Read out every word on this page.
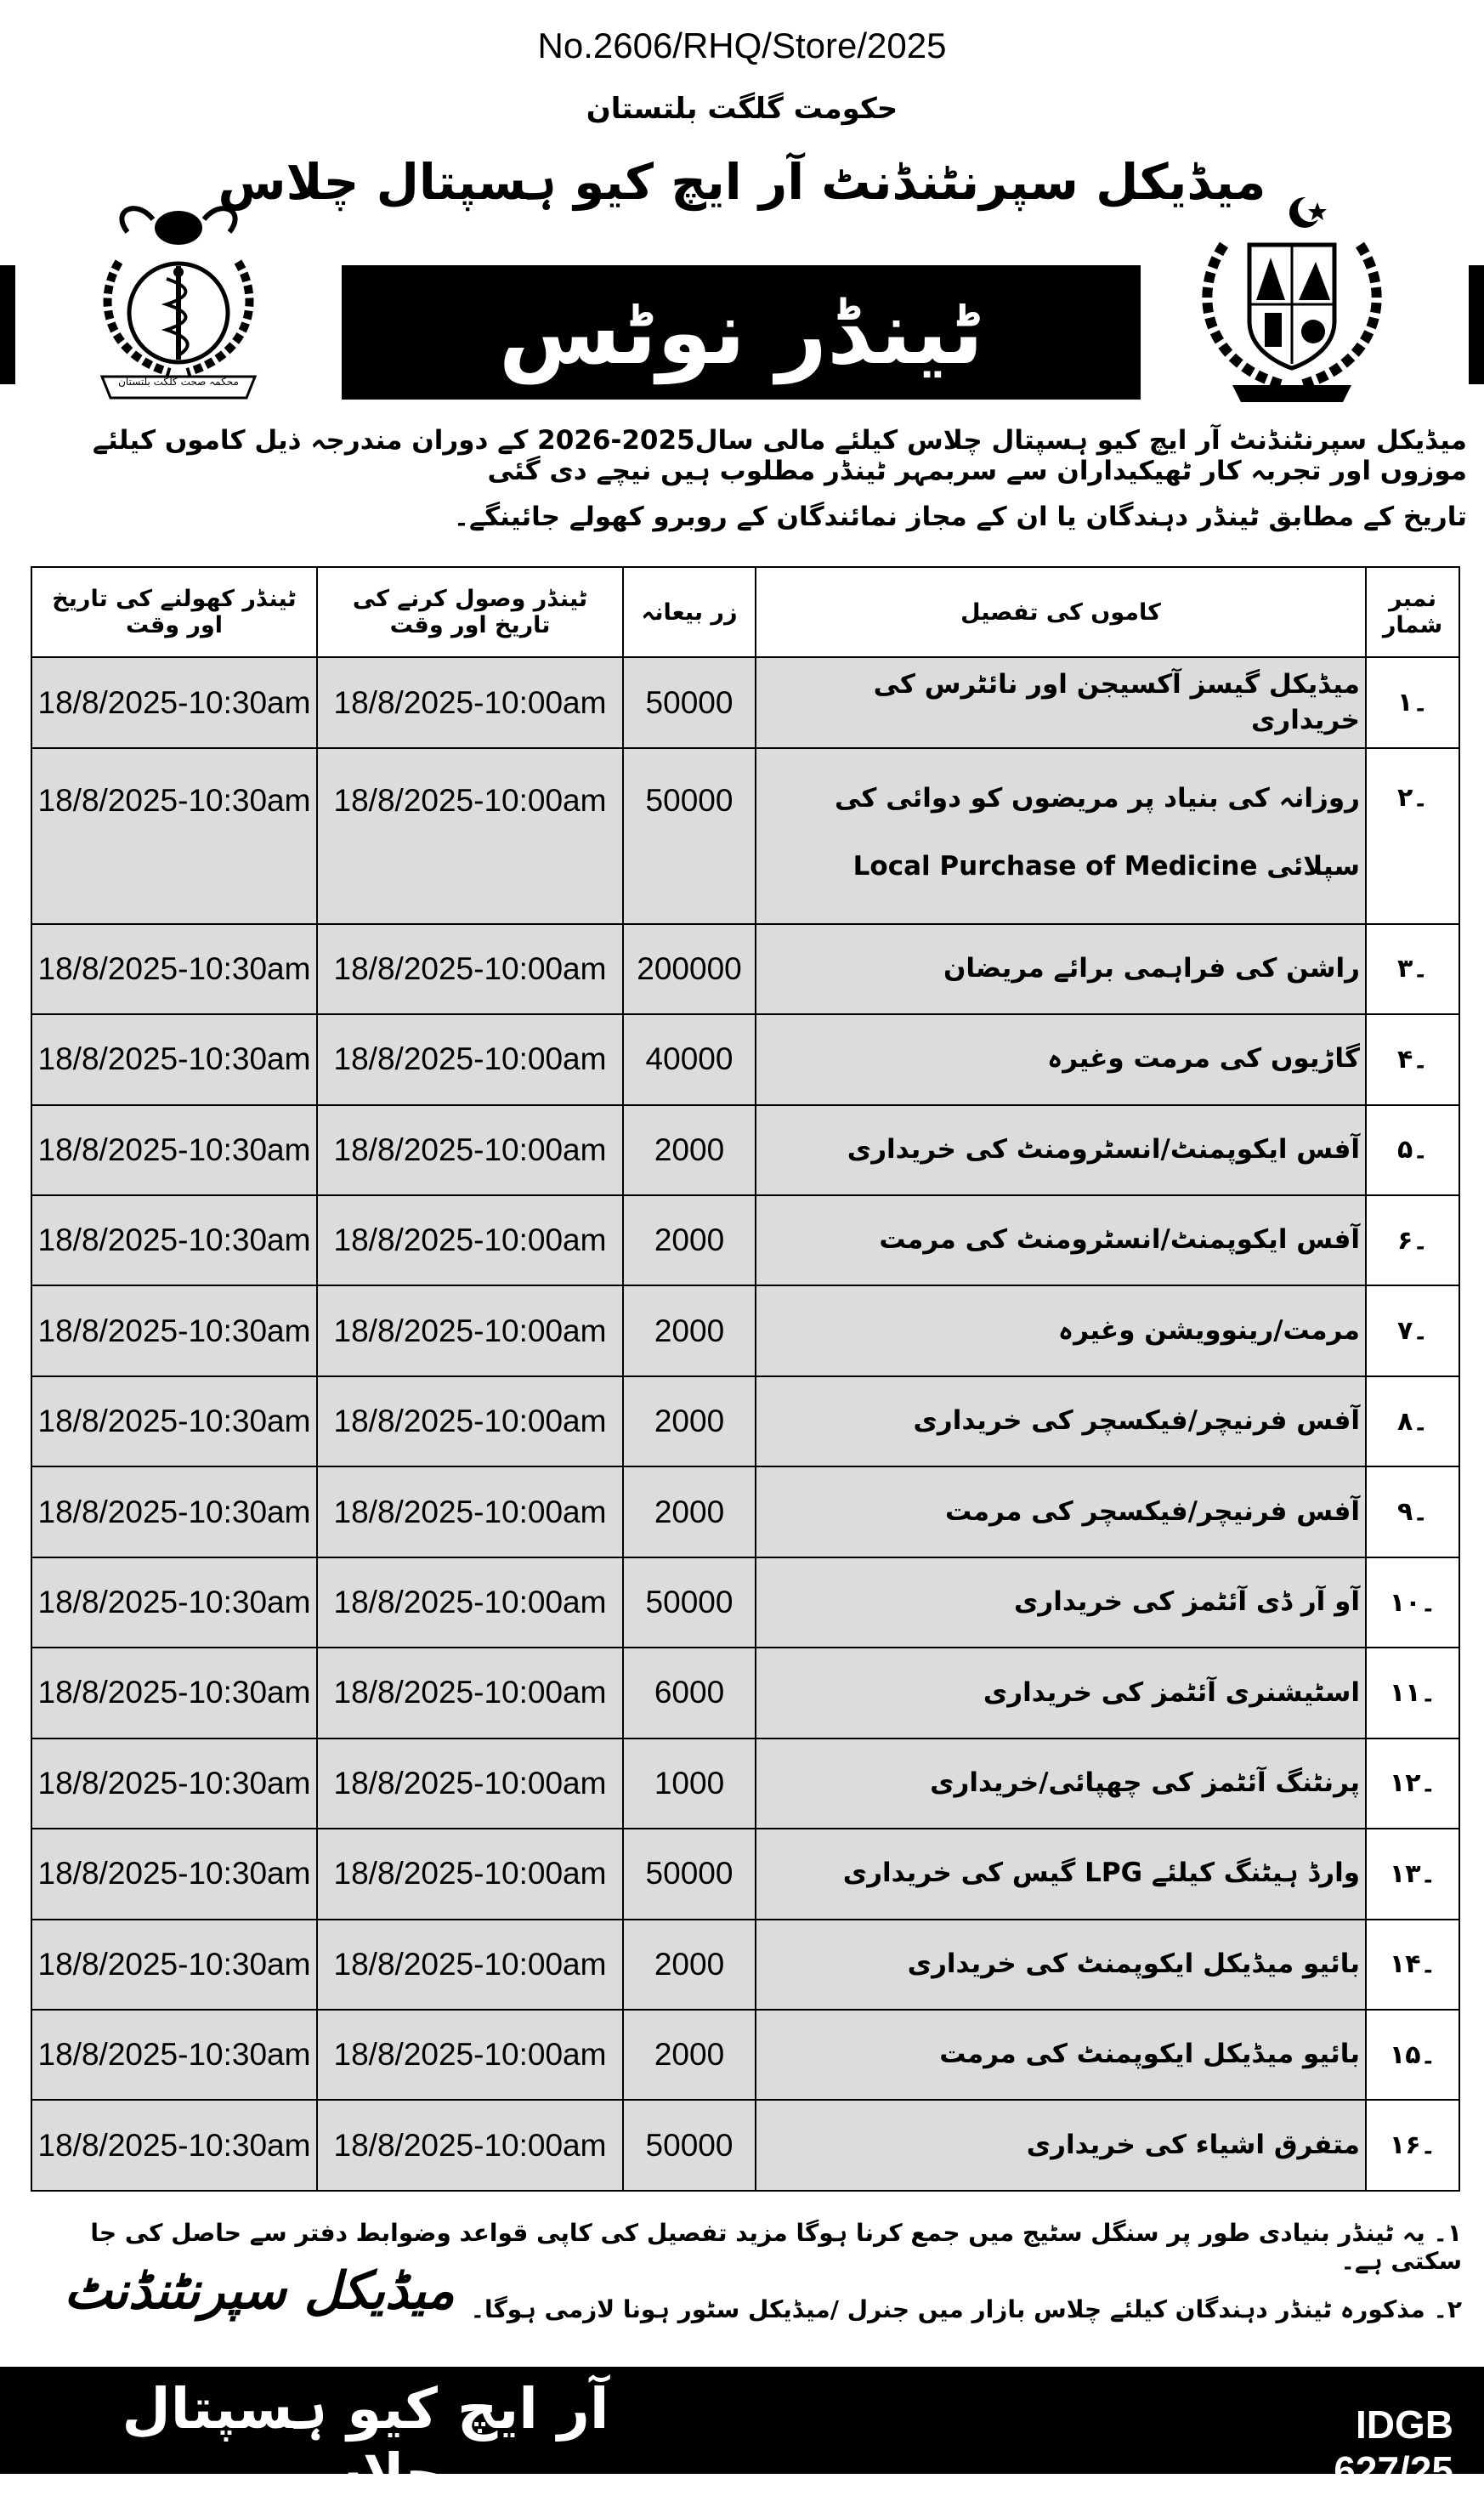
No.2606/RHQ/Store/2025
حکومت گلگت بلتستان
میڈیکل سپرنٹنڈنٹ آر ایچ کیو ہسپتال چلاس
ٹینڈر نوٹس
محکمہ صحت گلگت بلتستان
میڈیکل سپرنٹنڈنٹ آر ایچ کیو ہسپتال چلاس کیلئے مالی سال2025-2026 کے دوران مندرجہ ذیل کاموں کیلئے موزوں اور تجربہ کار ٹھیکیداران سے سربمہر ٹینڈر مطلوب ہیں نیچے دی گئی
تاریخ کے مطابق ٹینڈر دہندگان یا ان کے مجاز نمائندگان کے روبرو کھولے جائینگے۔
ٹینڈر کھولنے کی تاریخ اور وقت	ٹینڈر وصول کرنے کی تاریخ اور وقت	زر بیعانہ	کاموں کی تفصیل	نمبر شمار
18/8/2025-10:30am	18/8/2025-10:00am	50000	میڈیکل گیسز آکسیجن اور نائٹرس کی خریداری	۱۔
18/8/2025-10:30am	18/8/2025-10:00am	50000	روزانہ کی بنیاد پر مریضوں کو دوائی کی سپلائی Local Purchase of Medicine	۲۔
18/8/2025-10:30am	18/8/2025-10:00am	200000	راشن کی فراہمی برائے مریضان	۳۔
18/8/2025-10:30am	18/8/2025-10:00am	40000	گاڑیوں کی مرمت وغیرہ	۴۔
18/8/2025-10:30am	18/8/2025-10:00am	2000	آفس ایکوپمنٹ/انسٹرومنٹ کی خریداری	۵۔
18/8/2025-10:30am	18/8/2025-10:00am	2000	آفس ایکوپمنٹ/انسٹرومنٹ کی مرمت	۶۔
18/8/2025-10:30am	18/8/2025-10:00am	2000	مرمت/رینوویشن وغیرہ	۷۔
18/8/2025-10:30am	18/8/2025-10:00am	2000	آفس فرنیچر/فیکسچر کی خریداری	۸۔
18/8/2025-10:30am	18/8/2025-10:00am	2000	آفس فرنیچر/فیکسچر کی مرمت	۹۔
18/8/2025-10:30am	18/8/2025-10:00am	50000	آو آر ڈی آئٹمز کی خریداری	۱۰۔
18/8/2025-10:30am	18/8/2025-10:00am	6000	اسٹیشنری آئٹمز کی خریداری	۱۱۔
18/8/2025-10:30am	18/8/2025-10:00am	1000	پرنٹنگ آئٹمز کی چھپائی/خریداری	۱۲۔
18/8/2025-10:30am	18/8/2025-10:00am	50000	وارڈ ہیٹنگ کیلئے LPG گیس کی خریداری	۱۳۔
18/8/2025-10:30am	18/8/2025-10:00am	2000	بائیو میڈیکل ایکوپمنٹ کی خریداری	۱۴۔
18/8/2025-10:30am	18/8/2025-10:00am	2000	بائیو میڈیکل ایکوپمنٹ کی مرمت	۱۵۔
18/8/2025-10:30am	18/8/2025-10:00am	50000	متفرق اشیاء کی خریداری	۱۶۔
۱۔ یہ ٹینڈر بنیادی طور پر سنگل سٹیج میں جمع کرنا ہوگا مزید تفصیل کی کاپی قواعد وضوابط دفتر سے حاصل کی جا سکتی ہے۔
۲۔ مذکورہ ٹینڈر دہندگان کیلئے چلاس بازار میں جنرل /میڈیکل سٹور ہونا لازمی ہوگا۔
میڈیکل سپرنٹنڈنٹ
آر ایچ کیو ہسپتال چلاس
IDGB 627/25
